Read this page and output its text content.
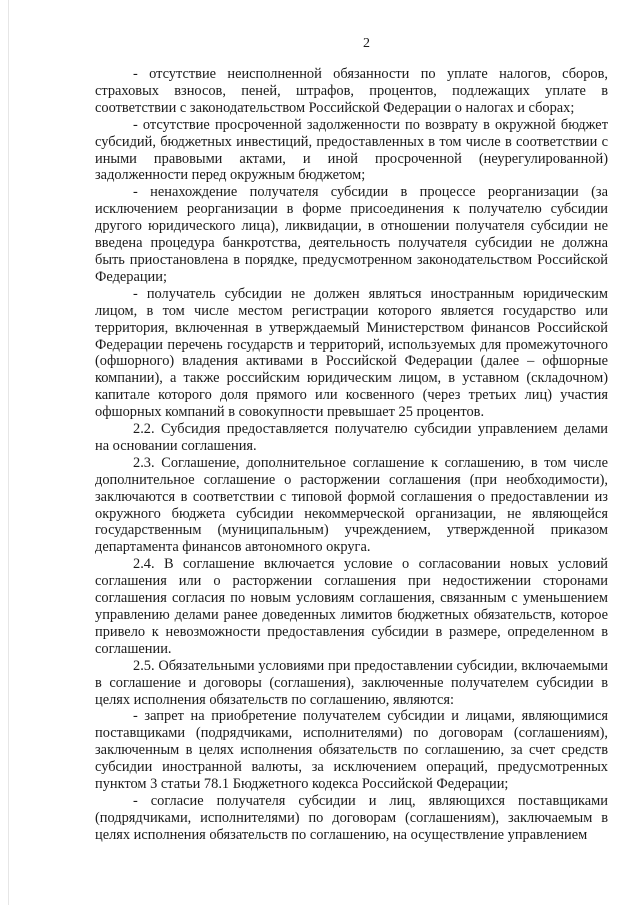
2

- отсутствие неисполненной обязанности по уплате налогов, сборов, страховых взносов, пеней, штрафов, процентов, подлежащих уплате в соответствии с законодательством Российской Федерации о налогах и сборах;

- отсутствие просроченной задолженности по возврату в окружной бюджет субсидий, бюджетных инвестиций, предоставленных в том числе в соответствии с иными правовыми актами, и иной просроченной (неурегулированной) задолженности перед окружным бюджетом;

- ненахождение получателя субсидии в процессе реорганизации (за исключением реорганизации в форме присоединения к получателю субсидии другого юридического лица), ликвидации, в отношении получателя субсидии не введена процедура банкротства, деятельность получателя субсидии не должна быть приостановлена в порядке, предусмотренном законодательством Российской Федерации;

- получатель субсидии не должен являться иностранным юридическим лицом, в том числе местом регистрации которого является государство или территория, включенная в утверждаемый Министерством финансов Российской Федерации перечень государств и территорий, используемых для промежуточного (офшорного) владения активами в Российской Федерации (далее – офшорные компании), а также российским юридическим лицом, в уставном (складочном) капитале которого доля прямого или косвенного (через третьих лиц) участия офшорных компаний в совокупности превышает 25 процентов.

2.2. Субсидия предоставляется получателю субсидии управлением делами на основании соглашения.

2.3. Соглашение, дополнительное соглашение к соглашению, в том числе дополнительное соглашение о расторжении соглашения (при необходимости), заключаются в соответствии с типовой формой соглашения о предоставлении из окружного бюджета субсидии некоммерческой организации, не являющейся государственным (муниципальным) учреждением, утвержденной приказом департамента финансов автономного округа.

2.4. В соглашение включается условие о согласовании новых условий соглашения или о расторжении соглашения при недостижении сторонами соглашения согласия по новым условиям соглашения, связанным с уменьшением управлению делами ранее доведенных лимитов бюджетных обязательств, которое привело к невозможности предоставления субсидии в размере, определенном в соглашении.

2.5. Обязательными условиями при предоставлении субсидии, включаемыми в соглашение и договоры (соглашения), заключенные получателем субсидии в целях исполнения обязательств по соглашению, являются:

- запрет на приобретение получателем субсидии и лицами, являющимися поставщиками (подрядчиками, исполнителями) по договорам (соглашениям), заключенным в целях исполнения обязательств по соглашению, за счет средств субсидии иностранной валюты, за исключением операций, предусмотренных пунктом 3 статьи 78.1 Бюджетного кодекса Российской Федерации;

- согласие получателя субсидии и лиц, являющихся поставщиками (подрядчиками, исполнителями) по договорам (соглашениям), заключаемым в целях исполнения обязательств по соглашению, на осуществление управлением
